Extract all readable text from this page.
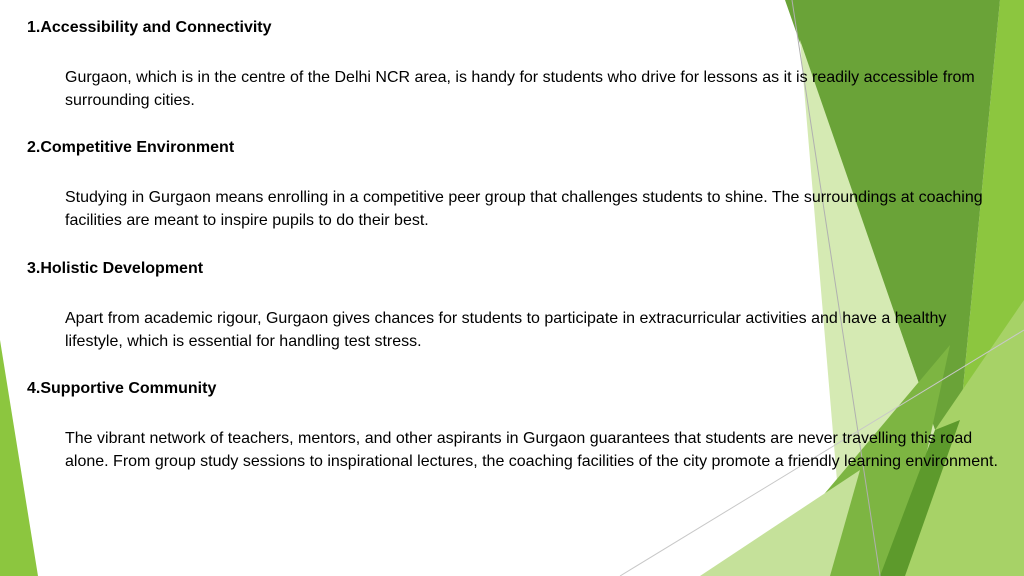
1.Accessibility and Connectivity

Gurgaon, which is in the centre of the Delhi NCR area, is handy for students who drive for lessons as it is readily accessible from surrounding cities.

2.Competitive Environment

Studying in Gurgaon means enrolling in a competitive peer group that challenges students to shine. The surroundings at coaching facilities are meant to inspire pupils to do their best.

3.Holistic Development

Apart from academic rigour, Gurgaon gives chances for students to participate in extracurricular activities and have a healthy lifestyle, which is essential for handling test stress.

4.Supportive Community

The vibrant network of teachers, mentors, and other aspirants in Gurgaon guarantees that students are never travelling this road alone. From group study sessions to inspirational lectures, the coaching facilities of the city promote a friendly learning environment.
